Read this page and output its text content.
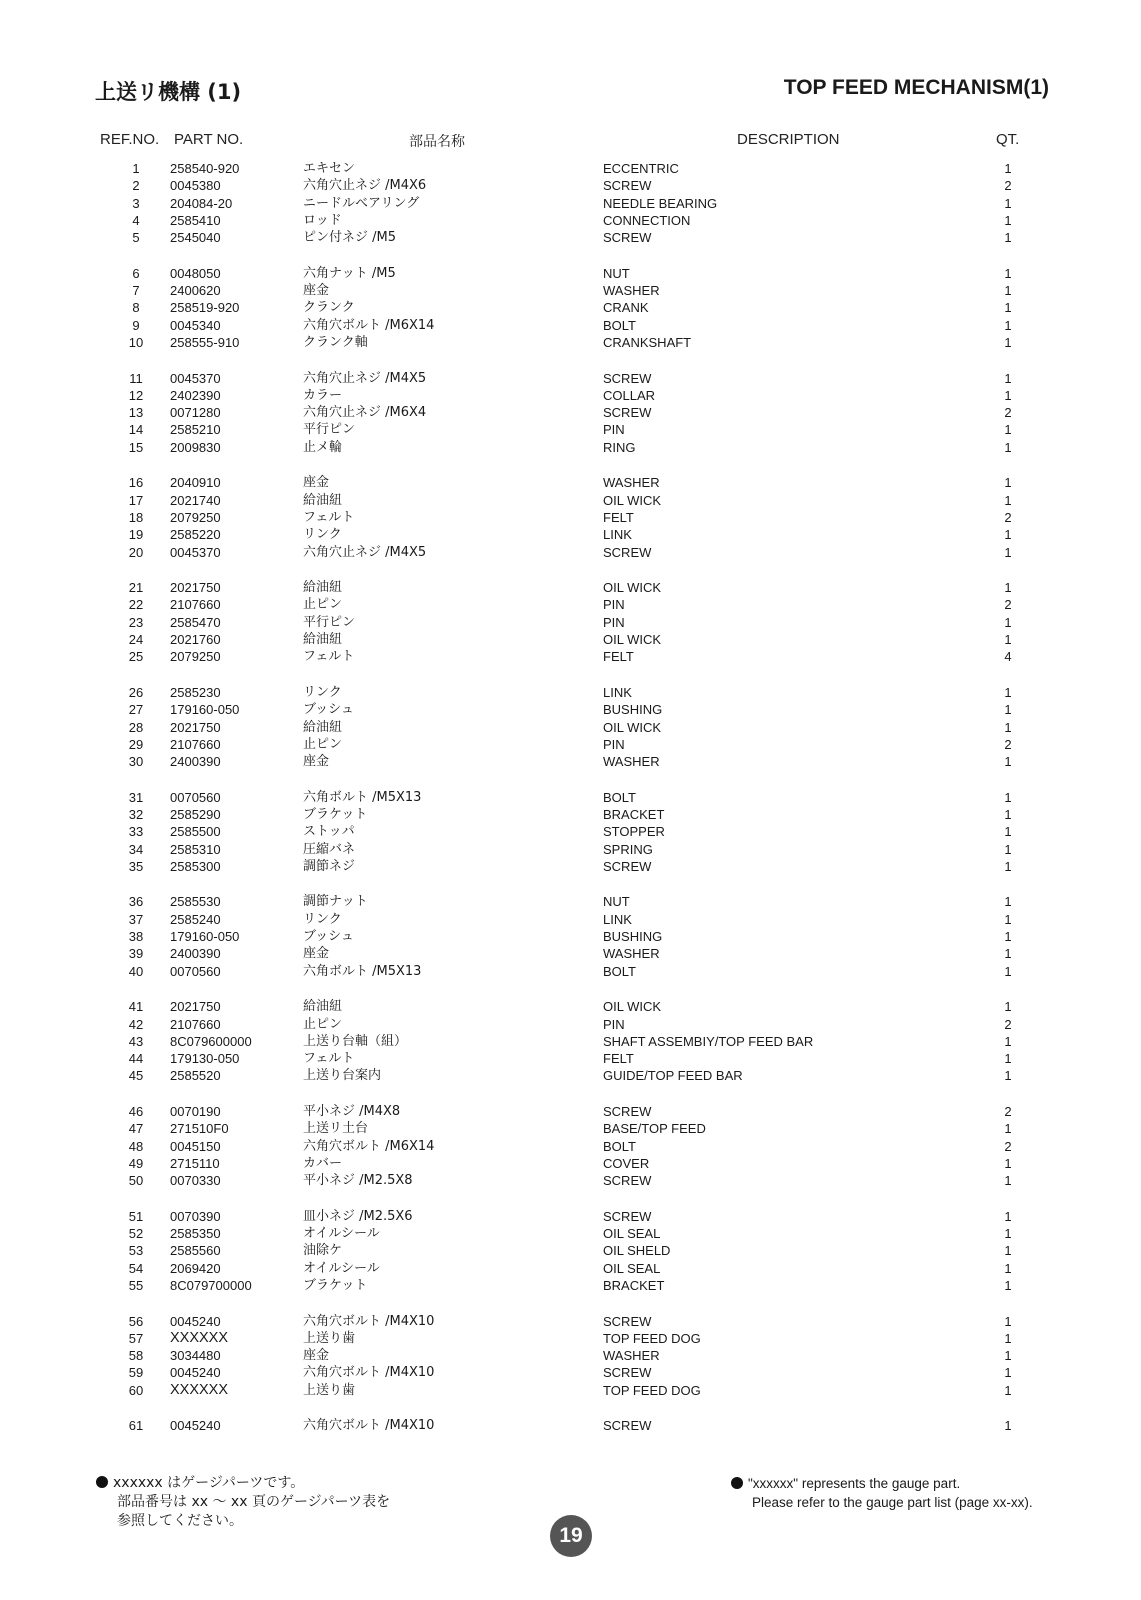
上送リ機構 (1)	TOP FEED MECHANISM(1)
REF.NO. PART NO.	部品名称	DESCRIPTION	QT.
1	258540-920	エキセン	ECCENTRIC	1
2	0045380	六角穴止ネジ /M4X6	SCREW	2
3	204084-20	ニードルベアリング	NEEDLE BEARING	1
4	2585410	ロッド	CONNECTION	1
5	2545040	ピン付ネジ /M5	SCREW	1
6	0048050	六角ナット /M5	NUT	1
7	2400620	座金	WASHER	1
8	258519-920	クランク	CRANK	1
9	0045340	六角穴ボルト /M6X14	BOLT	1
10	258555-910	クランク軸	CRANKSHAFT	1
11	0045370	六角穴止ネジ /M4X5	SCREW	1
12	2402390	カラー	COLLAR	1
13	0071280	六角穴止ネジ /M6X4	SCREW	2
14	2585210	平行ピン	PIN	1
15	2009830	止メ輪	RING	1
16	2040910	座金	WASHER	1
17	2021740	給油紐	OIL WICK	1
18	2079250	フェルト	FELT	2
19	2585220	リンク	LINK	1
20	0045370	六角穴止ネジ /M4X5	SCREW	1
21	2021750	給油紐	OIL WICK	1
22	2107660	止ピン	PIN	2
23	2585470	平行ピン	PIN	1
24	2021760	給油紐	OIL WICK	1
25	2079250	フェルト	FELT	4
26	2585230	リンク	LINK	1
27	179160-050	ブッシュ	BUSHING	1
28	2021750	給油紐	OIL WICK	1
29	2107660	止ピン	PIN	2
30	2400390	座金	WASHER	1
31	0070560	六角ボルト /M5X13	BOLT	1
32	2585290	ブラケット	BRACKET	1
33	2585500	ストッパ	STOPPER	1
34	2585310	圧縮バネ	SPRING	1
35	2585300	調節ネジ	SCREW	1
36	2585530	調節ナット	NUT	1
37	2585240	リンク	LINK	1
38	179160-050	ブッシュ	BUSHING	1
39	2400390	座金	WASHER	1
40	0070560	六角ボルト /M5X13	BOLT	1
41	2021750	給油紐	OIL WICK	1
42	2107660	止ピン	PIN	2
43	8C079600000	上送り台軸（組）	SHAFT ASSEMBIY/TOP FEED BAR	1
44	179130-050	フェルト	FELT	1
45	2585520	上送り台案内	GUIDE/TOP FEED BAR	1
46	0070190	平小ネジ /M4X8	SCREW	2
47	271510F0	上送リ土台	BASE/TOP FEED	1
48	0045150	六角穴ボルト /M6X14	BOLT	2
49	2715110	カバー	COVER	1
50	0070330	平小ネジ /M2.5X8	SCREW	1
51	0070390	皿小ネジ /M2.5X6	SCREW	1
52	2585350	オイルシール	OIL SEAL	1
53	2585560	油除ケ	OIL SHELD	1
54	2069420	オイルシール	OIL SEAL	1
55	8C079700000	ブラケット	BRACKET	1
56	0045240	六角穴ボルト /M4X10	SCREW	1
57	XXXXXX	上送り歯	TOP FEED DOG	1
58	3034480	座金	WASHER	1
59	0045240	六角穴ボルト /M4X10	SCREW	1
60	XXXXXX	上送り歯	TOP FEED DOG	1
61	0045240	六角穴ボルト /M4X10	SCREW	1
xxxxxx はゲージパーツです。
部品番号は xx ～ xx 頁のゲージパーツ表を
参照してください。
"xxxxxx" represents the gauge part.
Please refer to the gauge part list (page xx-xx).
19
